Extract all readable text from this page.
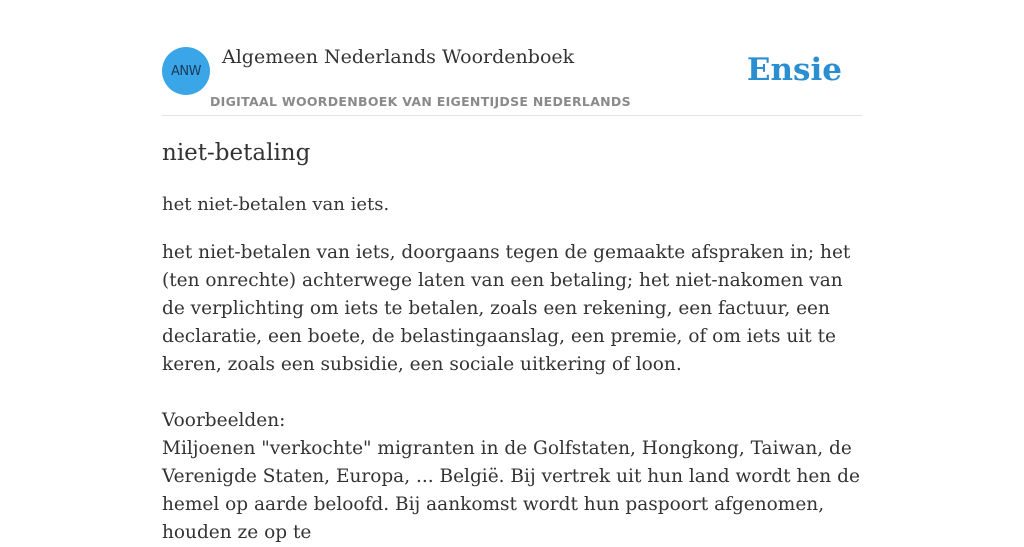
ANW
Algemeen Nederlands Woordenboek
DIGITAAL WOORDENBOEK VAN EIGENTIJDSE NEDERLANDS
Ensie
niet-betaling
het niet-betalen van iets.

het niet-betalen van iets, doorgaans tegen de gemaakte afspraken in; het (ten onrechte) achterwege laten van een betaling; het niet-nakomen van de verplichting om iets te betalen, zoals een rekening, een factuur, een declaratie, een boete, de belastingaanslag, een premie, of om iets uit te keren, zoals een subsidie, een sociale uitkering of loon.

Voorbeelden:

Miljoenen "verkochte" migranten in de Golfstaten, Hongkong, Taiwan, de Verenigde Staten, Europa, ... België. Bij vertrek uit hun land wordt hen de hemel op aarde beloofd. Bij aankomst wordt hun paspoort afgenomen, houden ze op te
